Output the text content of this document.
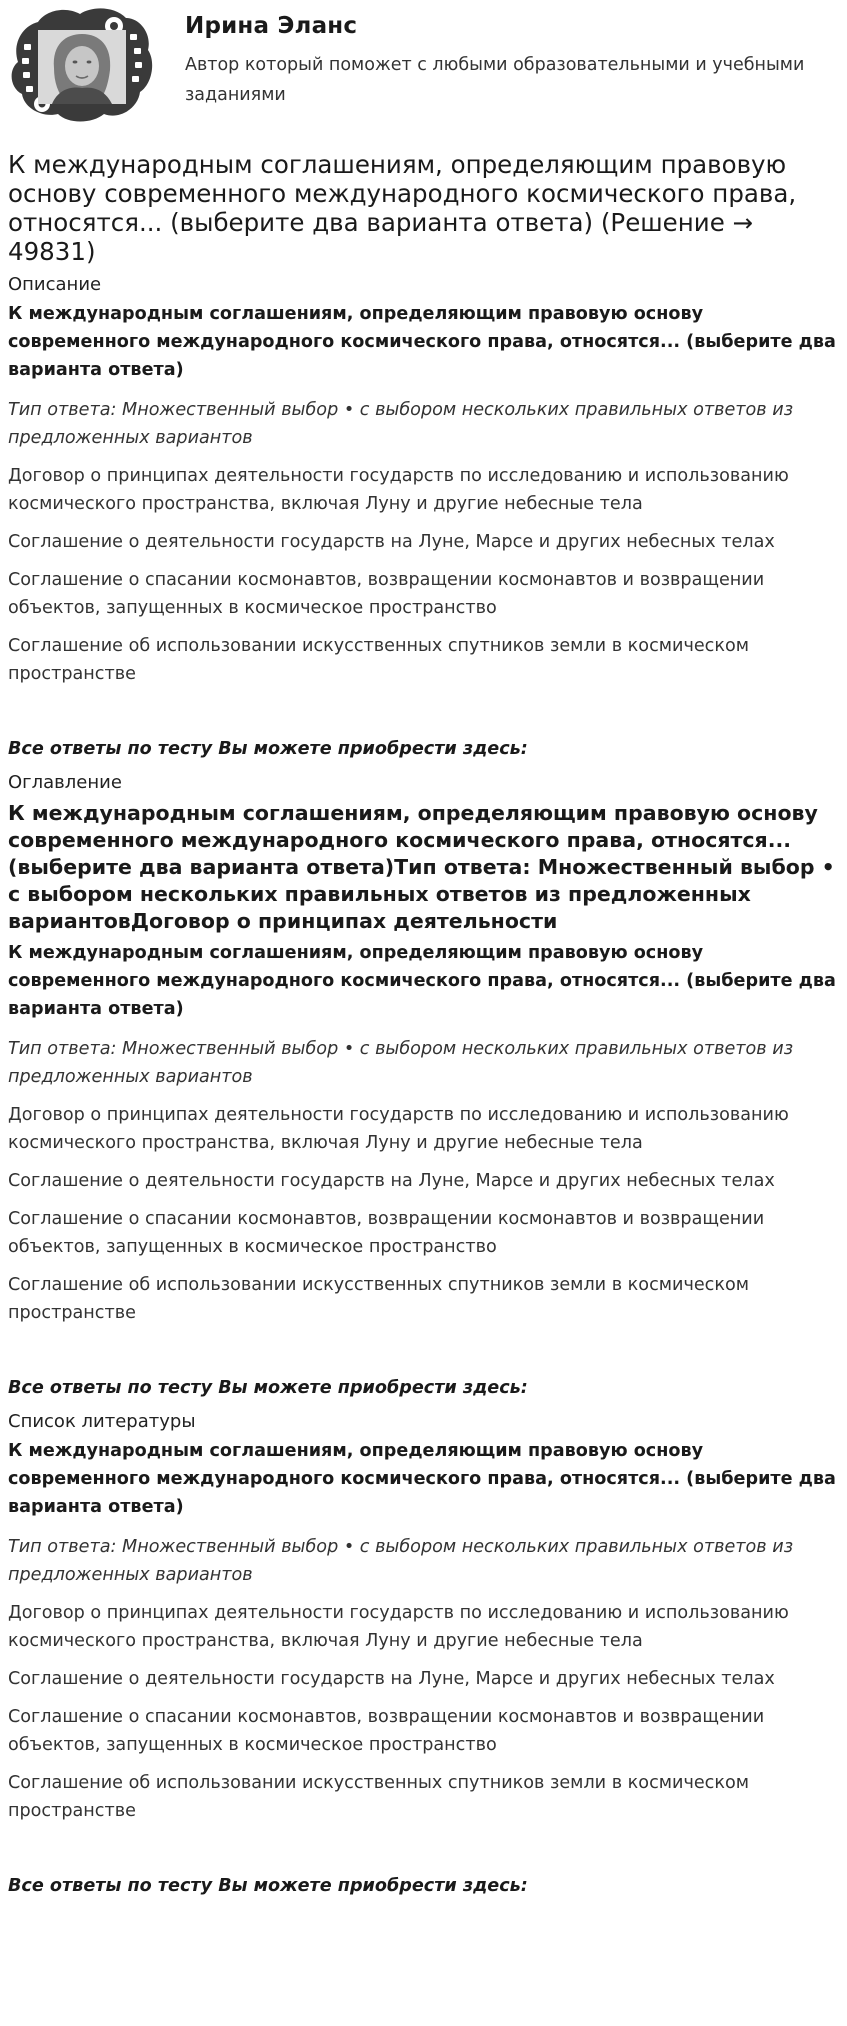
Ирина Эланс
Автор который поможет с любыми образовательными и учебными заданиями
К международным соглашениям, определяющим правовую основу современного международного космического права, относятся... (выберите два варианта ответа) (Решение → 49831)
Описание
К международным соглашениям, определяющим правовую основу современного международного космического права, относятся... (выберите два варианта ответа)
Тип ответа: Множественный выбор • с выбором нескольких правильных ответов из предложенных вариантов
Договор о принципах деятельности государств по исследованию и использованию космического пространства, включая Луну и другие небесные тела
Соглашение о деятельности государств на Луне, Марсе и других небесных телах
Соглашение о спасании космонавтов, возвращении космонавтов и возвращении объектов, запущенных в космическое пространство
Соглашение об использовании искусственных спутников земли в космическом пространстве
Все ответы по тесту Вы можете приобрести здесь:
Оглавление
К международным соглашениям, определяющим правовую основу современного международного космического права, относятся... (выберите два варианта ответа)Тип ответа: Множественный выбор • с выбором нескольких правильных ответов из предложенных вариантовДоговор о принципах деятельности
К международным соглашениям, определяющим правовую основу современного международного космического права, относятся... (выберите два варианта ответа)
Тип ответа: Множественный выбор • с выбором нескольких правильных ответов из предложенных вариантов
Договор о принципах деятельности государств по исследованию и использованию космического пространства, включая Луну и другие небесные тела
Соглашение о деятельности государств на Луне, Марсе и других небесных телах
Соглашение о спасании космонавтов, возвращении космонавтов и возвращении объектов, запущенных в космическое пространство
Соглашение об использовании искусственных спутников земли в космическом пространстве
Все ответы по тесту Вы можете приобрести здесь:
Список литературы
К международным соглашениям, определяющим правовую основу современного международного космического права, относятся... (выберите два варианта ответа)
Тип ответа: Множественный выбор • с выбором нескольких правильных ответов из предложенных вариантов
Договор о принципах деятельности государств по исследованию и использованию космического пространства, включая Луну и другие небесные тела
Соглашение о деятельности государств на Луне, Марсе и других небесных телах
Соглашение о спасании космонавтов, возвращении космонавтов и возвращении объектов, запущенных в космическое пространство
Соглашение об использовании искусственных спутников земли в космическом пространстве
Все ответы по тесту Вы можете приобрести здесь:
